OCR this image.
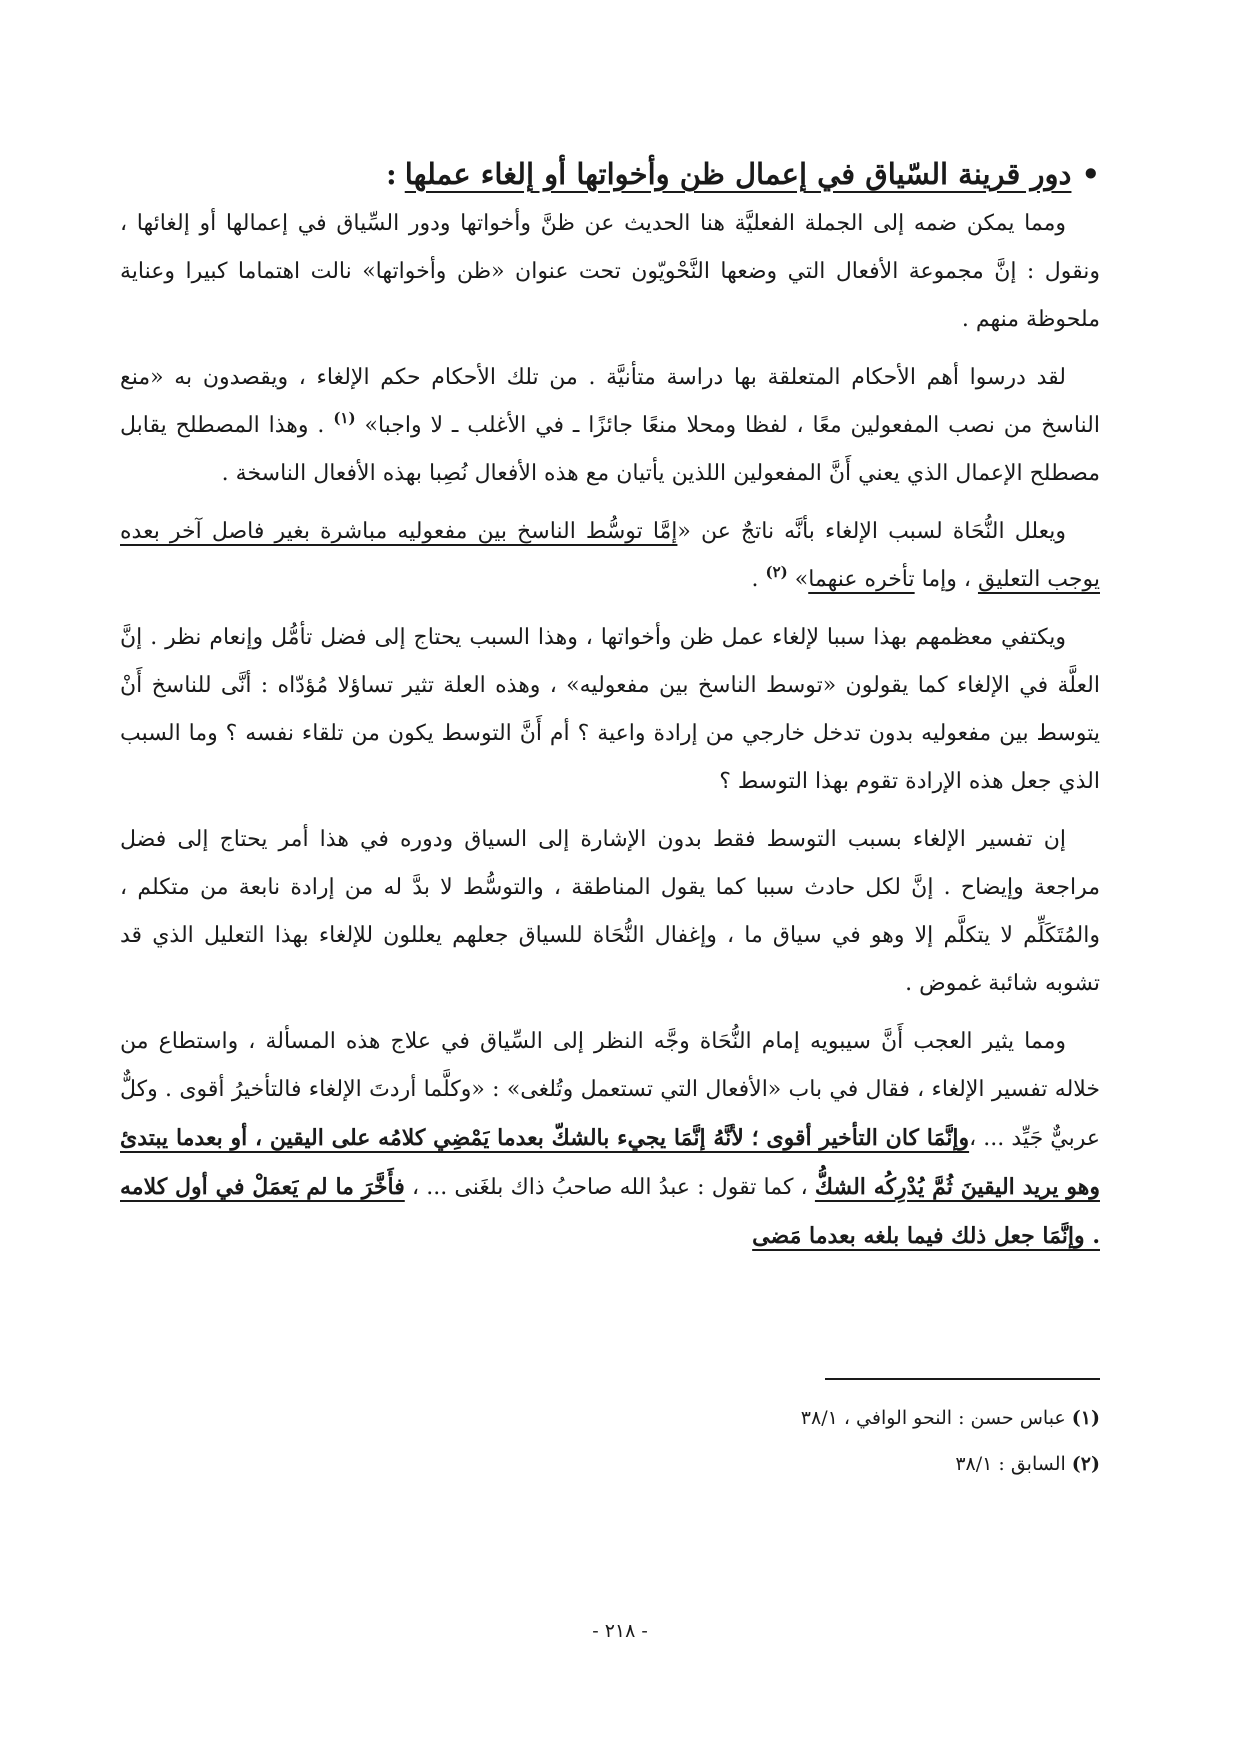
•دور قرينة السّياق في إعمال ظن وأخواتها أو إلغاء عملها:

ومما يمكن ضمه إلى الجملة الفعليَّة هنا الحديث عن ظنَّ وأخواتها ودور السِّياق في إعمالها أو إلغائها ، ونقول : إنَّ مجموعة الأفعال التي وضعها النَّحْويّون تحت عنوان «ظن وأخواتها» نالت اهتماما كبيرا وعناية ملحوظة منهم .

لقد درسوا أهم الأحكام المتعلقة بها دراسة متأنيَّة . من تلك الأحكام حكم الإلغاء ، ويقصدون به «منع الناسخ من نصب المفعولين معًا ، لفظا ومحلا منعًا جائزًا ـ في الأغلب ـ لا واجبا» $^{(١)}$ . وهذا المصطلح يقابل مصطلح الإعمال الذي يعني أَنَّ المفعولين اللذين يأتيان مع هذه الأفعال نُصِبا بهذه الأفعال الناسخة .

ويعلل النُّحَاة لسبب الإلغاء بأنَّه ناتجٌ عن «إمَّا توسُّط الناسخ بين مفعوليه مباشرة بغير فاصل آخر بعده يوجب التعليق ، وإما تأخره عنهما» $^{(٢)}$ .

ويكتفي معظمهم بهذا سببا لإلغاء عمل ظن وأخواتها ، وهذا السبب يحتاج إلى فضل تأمُّل وإنعام نظر . إنَّ العلَّة في الإلغاء كما يقولون «توسط الناسخ بين مفعوليه» ، وهذه العلة تثير تساؤلا مُؤدّاه : أنَّى للناسخ أَنْ يتوسط بين مفعوليه بدون تدخل خارجي من إرادة واعية ؟ أم أَنَّ التوسط يكون من تلقاء نفسه ؟ وما السبب الذي جعل هذه الإرادة تقوم بهذا التوسط ؟

إن تفسير الإلغاء بسبب التوسط فقط بدون الإشارة إلى السياق ودوره في هذا أمر يحتاج إلى فضل مراجعة وإيضاح . إنَّ لكل حادث سببا كما يقول المناطقة ، والتوسُّط لا بدَّ له من إرادة نابعة من متكلم ، والمُتَكَلِّم لا يتكلَّم إلا وهو في سياق ما ، وإغفال النُّحَاة للسياق جعلهم يعللون للإلغاء بهذا التعليل الذي قد تشوبه شائبة غموض .

ومما يثير العجب أَنَّ سيبويه إمام النُّحَاة وجَّه النظر إلى السِّياق في علاج هذه المسألة ، واستطاع من خلاله تفسير الإلغاء ، فقال في باب «الأفعال التي تستعمل وتُلغى» : «وكلَّما أردتَ الإلغاء فالتأخيرُ أقوى . وكلٌّ عربيٌّ جَيِّد ... ،وإنَّمَا كان التأخير أقوى ؛ لأنَّهُ إنَّمَا يجيء بالشكّ بعدما يَمْضِي كلامُه على اليقين ، أو بعدما يبتدئ وهو يريد اليقينَ ثُمَّ يُدْرِكُه الشكُّ ، كما تقول : عبدُ الله صاحبُ ذاك بلغَنى ... ، فأَخَّرَ ما لم يَعمَلْ في أول كلامه . وإنَّمَا جعل ذلك فيما بلغه بعدما مَضى

(١)عباس حسن : النحو الوافي ، ٣٨/١
(٢)السابق : ٣٨/١
- ٢١٨ -
